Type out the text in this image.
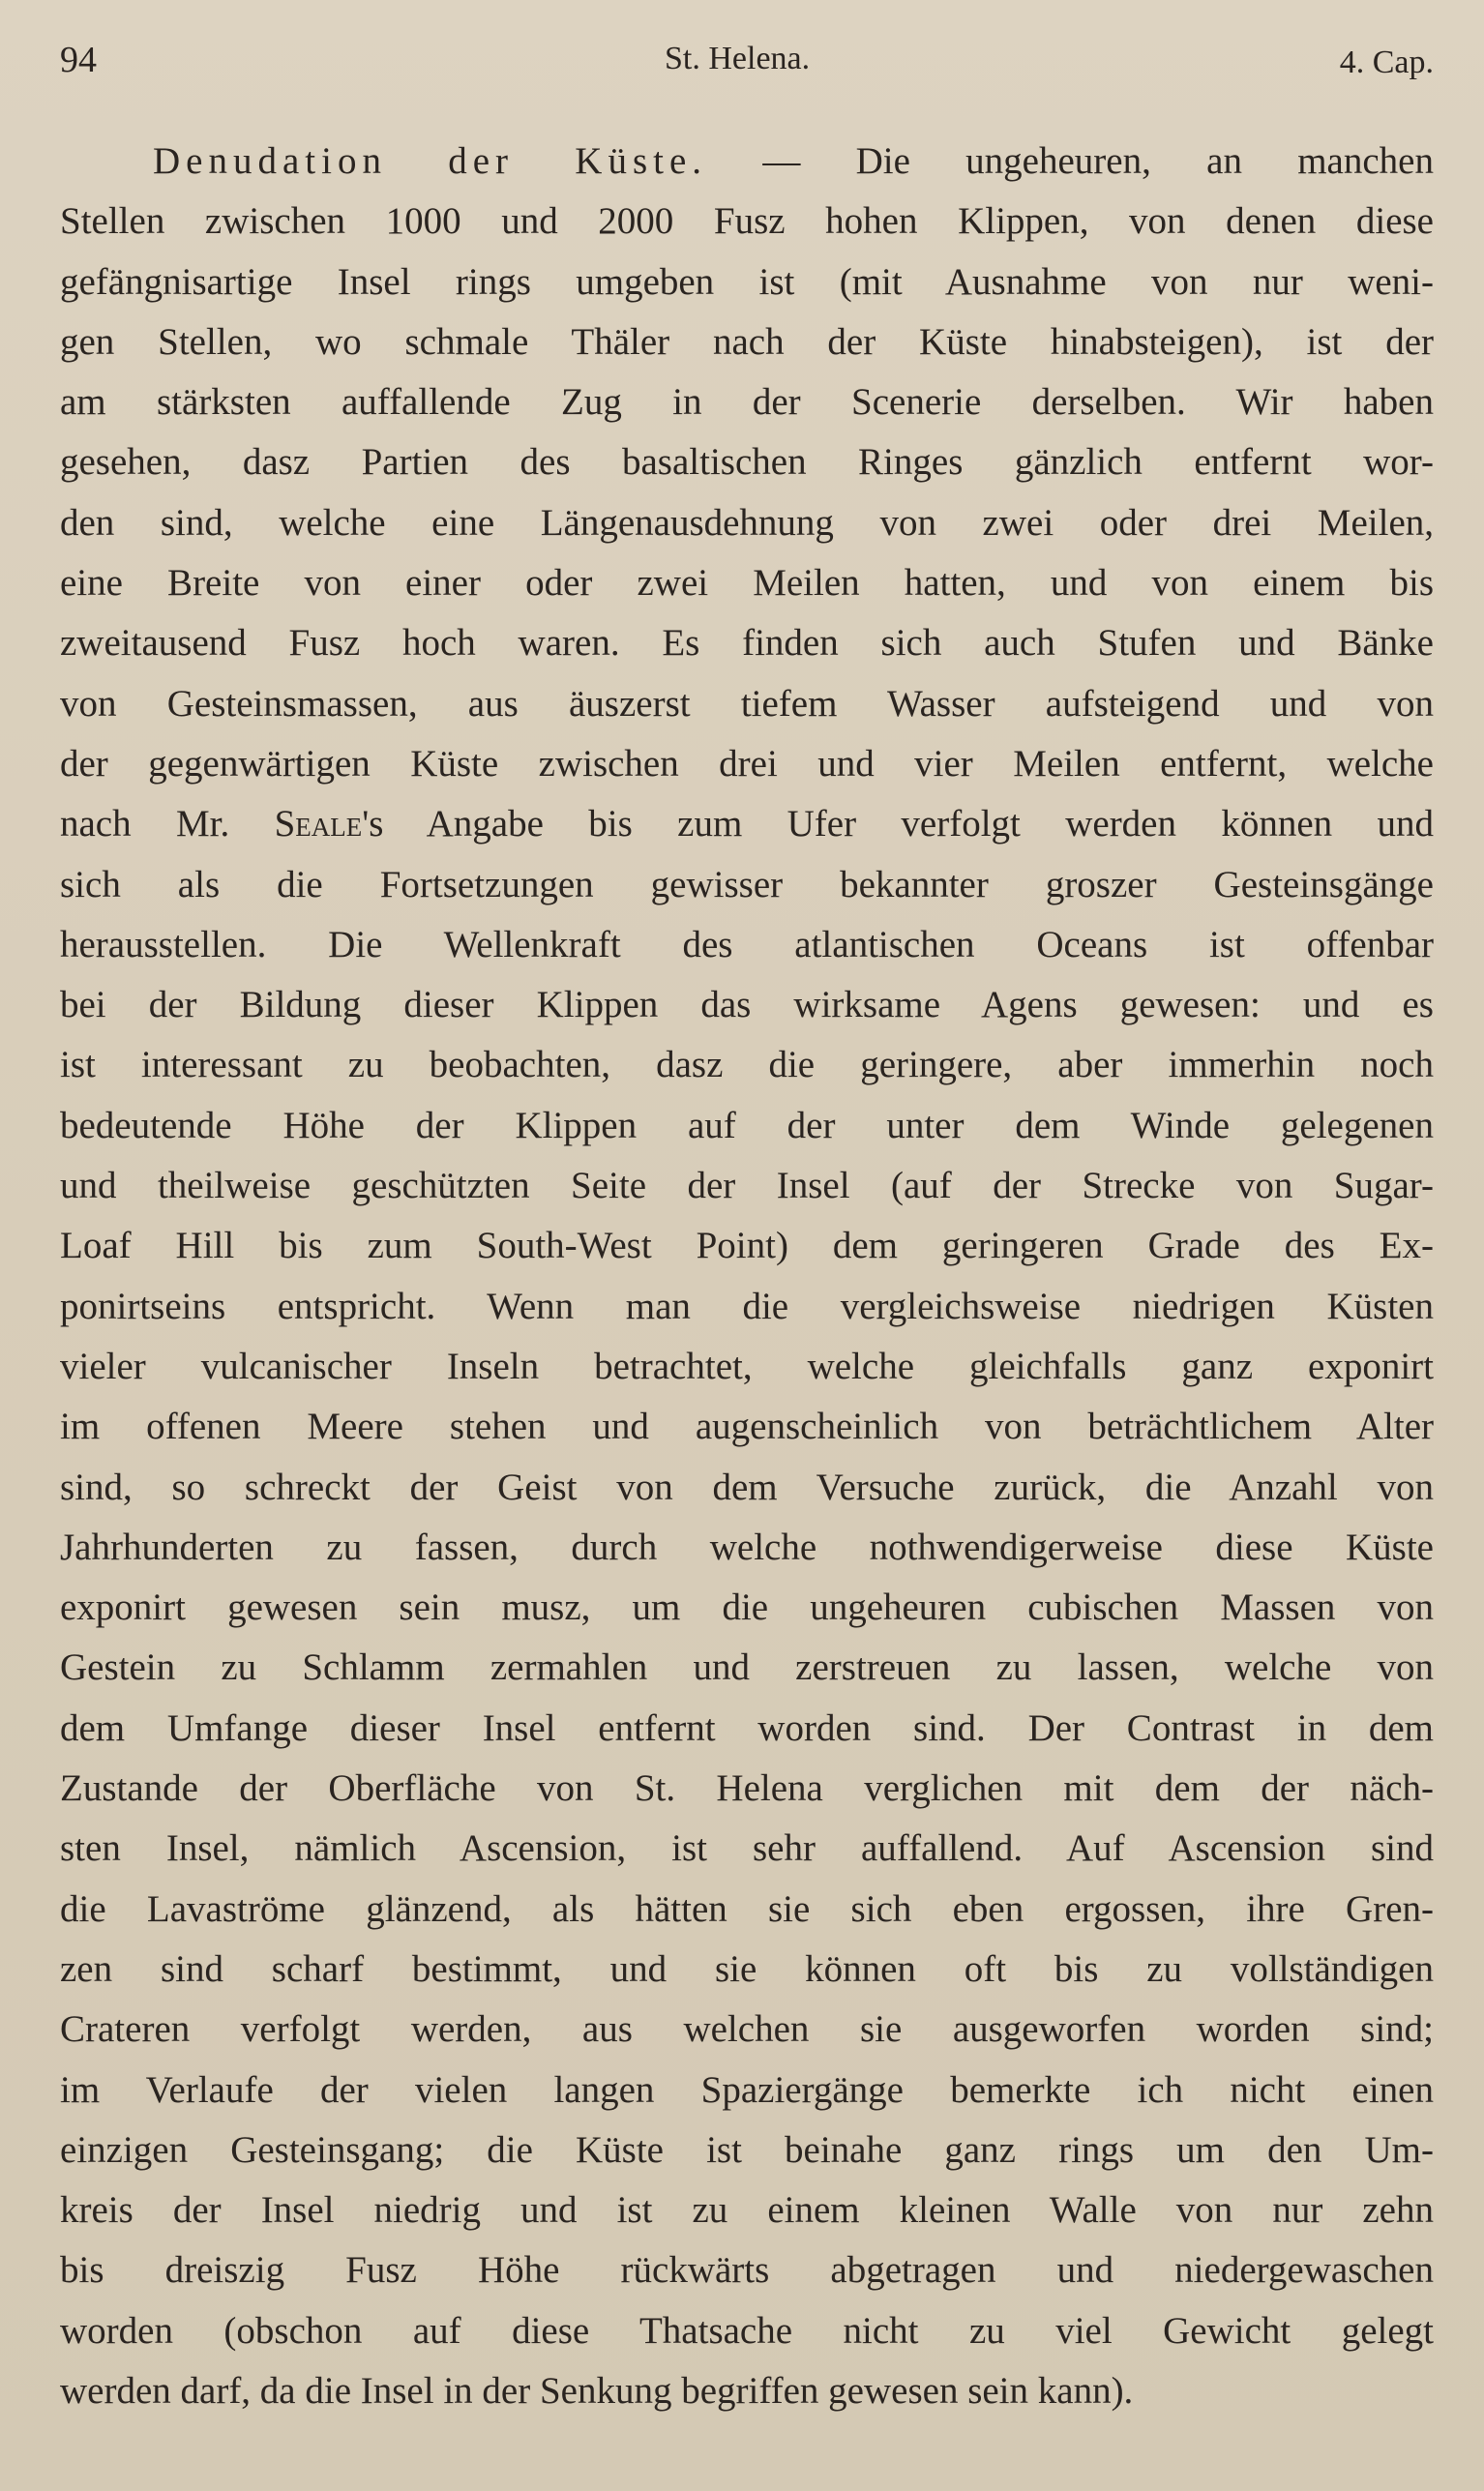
94	St. Helena.	4. Cap.
Denudation der Küste. — Die ungeheuren, an manchen
Stellen zwischen 1000 und 2000 Fusz hohen Klippen, von denen diese
gefängnisartige Insel rings umgeben ist (mit Ausnahme von nur weni-
gen Stellen, wo schmale Thäler nach der Küste hinabsteigen), ist der
am stärksten auffallende Zug in der Scenerie derselben. Wir haben
gesehen, dasz Partien des basaltischen Ringes gänzlich entfernt wor-
den sind, welche eine Längenausdehnung von zwei oder drei Meilen,
eine Breite von einer oder zwei Meilen hatten, und von einem bis
zweitausend Fusz hoch waren. Es finden sich auch Stufen und Bänke
von Gesteinsmassen, aus äuszerst tiefem Wasser aufsteigend und von
der gegenwärtigen Küste zwischen drei und vier Meilen entfernt, welche
nach Mr. Seale's Angabe bis zum Ufer verfolgt werden können und
sich als die Fortsetzungen gewisser bekannter groszer Gesteinsgänge
herausstellen. Die Wellenkraft des atlantischen Oceans ist offenbar
bei der Bildung dieser Klippen das wirksame Agens gewesen: und es
ist interessant zu beobachten, dasz die geringere, aber immerhin noch
bedeutende Höhe der Klippen auf der unter dem Winde gelegenen
und theilweise geschützten Seite der Insel (auf der Strecke von Sugar-
Loaf Hill bis zum South-West Point) dem geringeren Grade des Ex-
ponirtseins entspricht. Wenn man die vergleichsweise niedrigen Küsten
vieler vulcanischer Inseln betrachtet, welche gleichfalls ganz exponirt
im offenen Meere stehen und augenscheinlich von beträchtlichem Alter
sind, so schreckt der Geist von dem Versuche zurück, die Anzahl von
Jahrhunderten zu fassen, durch welche nothwendigerweise diese Küste
exponirt gewesen sein musz, um die ungeheuren cubischen Massen von
Gestein zu Schlamm zermahlen und zerstreuen zu lassen, welche von
dem Umfange dieser Insel entfernt worden sind. Der Contrast in dem
Zustande der Oberfläche von St. Helena verglichen mit dem der näch-
sten Insel, nämlich Ascension, ist sehr auffallend. Auf Ascension sind
die Lavaströme glänzend, als hätten sie sich eben ergossen, ihre Gren-
zen sind scharf bestimmt, und sie können oft bis zu vollständigen
Crateren verfolgt werden, aus welchen sie ausgeworfen worden sind;
im Verlaufe der vielen langen Spaziergänge bemerkte ich nicht einen
einzigen Gesteinsgang; die Küste ist beinahe ganz rings um den Um-
kreis der Insel niedrig und ist zu einem kleinen Walle von nur zehn
bis dreiszig Fusz Höhe rückwärts abgetragen und niedergewaschen
worden (obschon auf diese Thatsache nicht zu viel Gewicht gelegt
werden darf, da die Insel in der Senkung begriffen gewesen sein kann).
